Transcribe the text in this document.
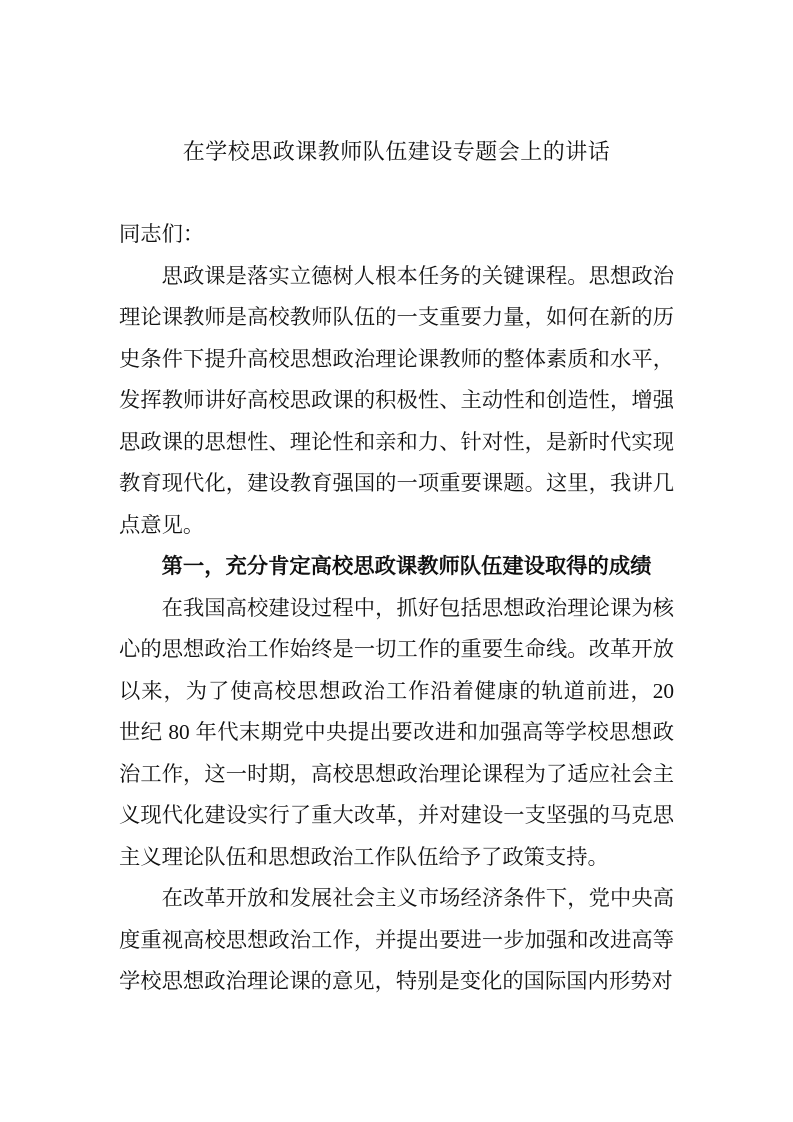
在学校思政课教师队伍建设专题会上的讲话

同志们：

思政课是落实立德树人根本任务的关键课程。思想政治理论课教师是高校教师队伍的一支重要力量，如何在新的历史条件下提升高校思想政治理论课教师的整体素质和水平，发挥教师讲好高校思政课的积极性、主动性和创造性，增强思政课的思想性、理论性和亲和力、针对性，是新时代实现教育现代化，建设教育强国的一项重要课题。这里，我讲几点意见。

第一，充分肯定高校思政课教师队伍建设取得的成绩

在我国高校建设过程中，抓好包括思想政治理论课为核心的思想政治工作始终是一切工作的重要生命线。改革开放以来，为了使高校思想政治工作沿着健康的轨道前进，20 世纪 80 年代末期党中央提出要改进和加强高等学校思想政治工作，这一时期，高校思想政治理论课程为了适应社会主义现代化建设实行了重大改革，并对建设一支坚强的马克思主义理论队伍和思想政治工作队伍给予了政策支持。

在改革开放和发展社会主义市场经济条件下，党中央高度重视高校思想政治工作，并提出要进一步加强和改进高等学校思想政治理论课的意见，特别是变化的国际国内形势对
